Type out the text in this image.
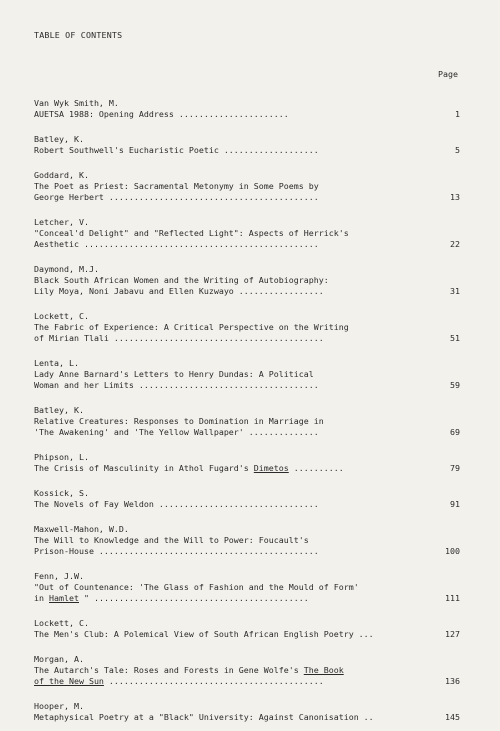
TABLE OF CONTENTS
Page
Van Wyk Smith, M.
AUETSA 1988: Opening Address ......................	1
Batley, K.
Robert Southwell's Eucharistic Poetic ...................	5
Goddard, K.
The Poet as Priest: Sacramental Metonymy in Some Poems by
George Herbert ..........................................	13
Letcher, V.
"Conceal'd Delight" and "Reflected Light": Aspects of Herrick's
Aesthetic ...............................................	22
Daymond, M.J.
Black South African Women and the Writing of Autobiography:
Lily Moya, Noni Jabavu and Ellen Kuzwayo .................	31
Lockett, C.
The Fabric of Experience: A Critical Perspective on the Writing
of Mirian Tlali ..........................................	51
Lenta, L.
Lady Anne Barnard's Letters to Henry Dundas: A Political
Woman and her Limits ....................................	59
Batley, K.
Relative Creatures: Responses to Domination in Marriage in
'The Awakening' and 'The Yellow Wallpaper' ..............	69
Phipson, L.
The Crisis of Masculinity in Athol Fugard's Dimetos ..........	79
Kossick, S.
The Novels of Fay Weldon ................................	91
Maxwell-Mahon, W.D.
The Will to Knowledge and the Will to Power: Foucault's
Prison-House ............................................	100
Fenn, J.W.
"Out of Countenance: 'The Glass of Fashion and the Mould of Form'
in Hamlet " ...........................................	111
Lockett, C.
The Men's Club: A Polemical View of South African English Poetry ...	127
Morgan, A.
The Autarch's Tale: Roses and Forests in Gene Wolfe's The Book
of the New Sun ...........................................	136
Hooper, M.
Metaphysical Poetry at a "Black" University: Against Canonisation ..	145
